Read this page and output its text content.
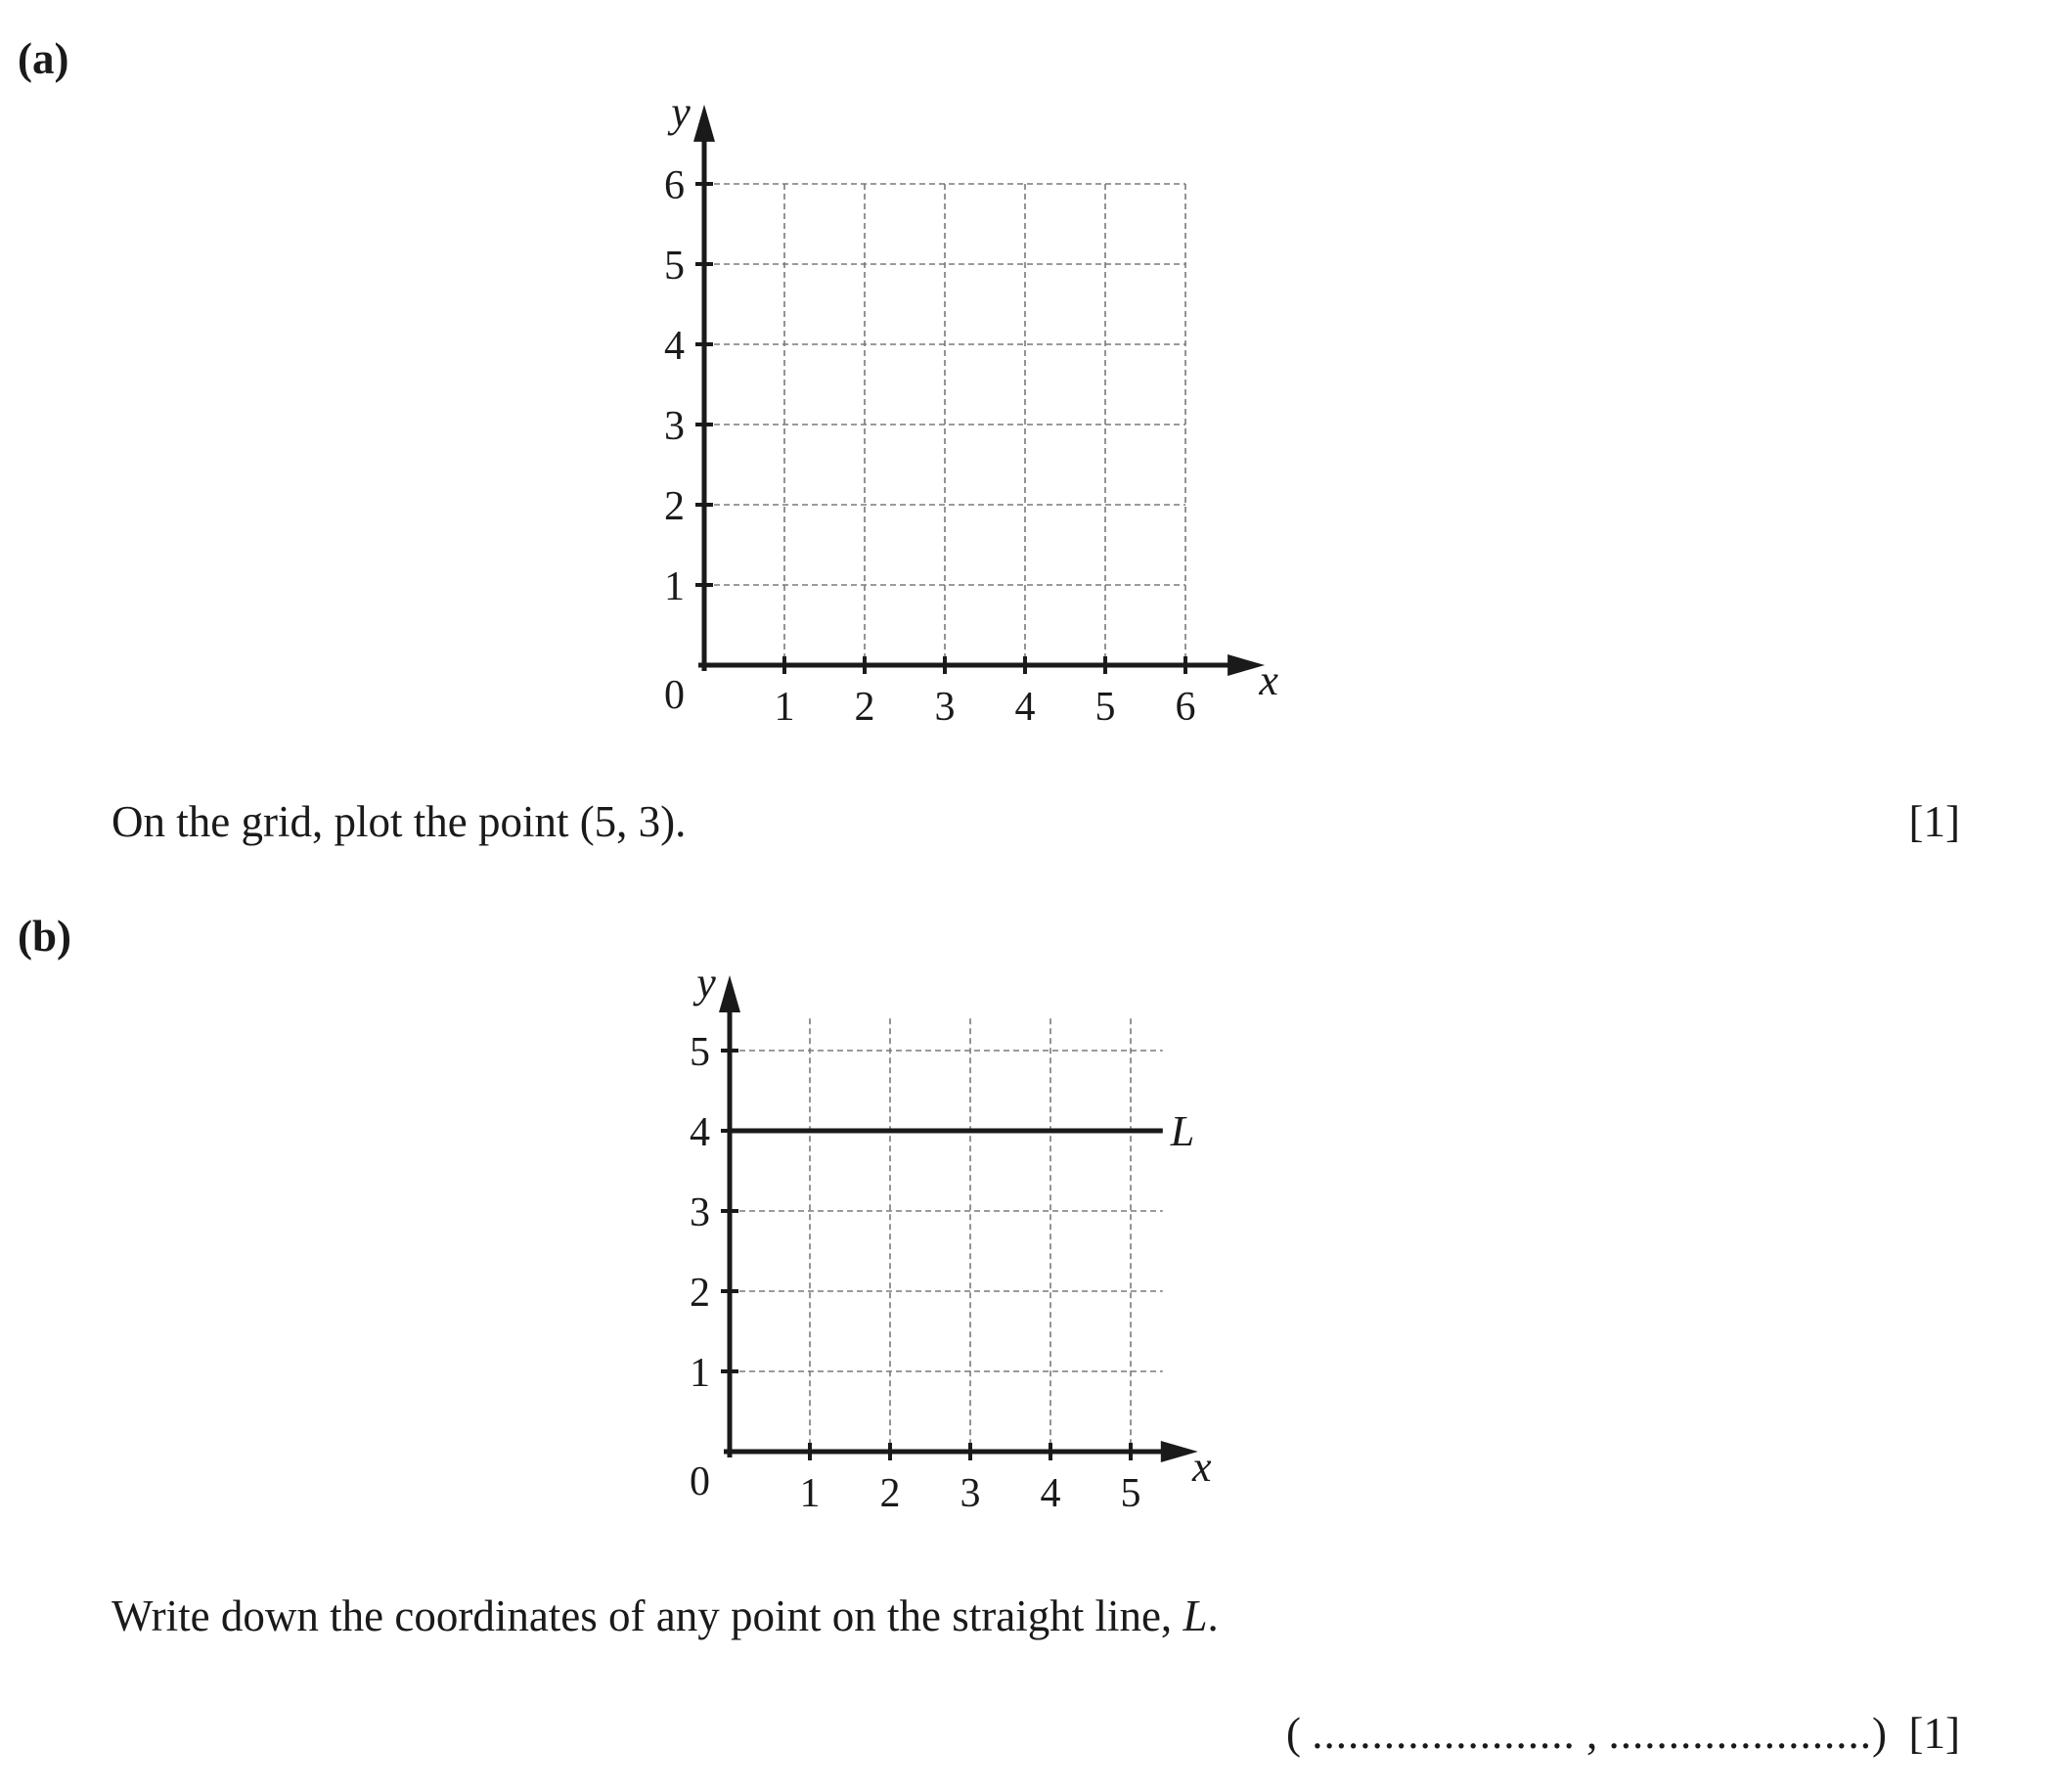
(a)
1 2 3 4 5 6
1
2
3
4
5
6
0
y
x
On the grid, plot the point (5, 3).	[1]
(b)
1 2 3 4 5
1
2
3
4
5
0
y
x
L
Write down the coordinates of any point on the straight line, L.
( ...................... , ......................) [1]
